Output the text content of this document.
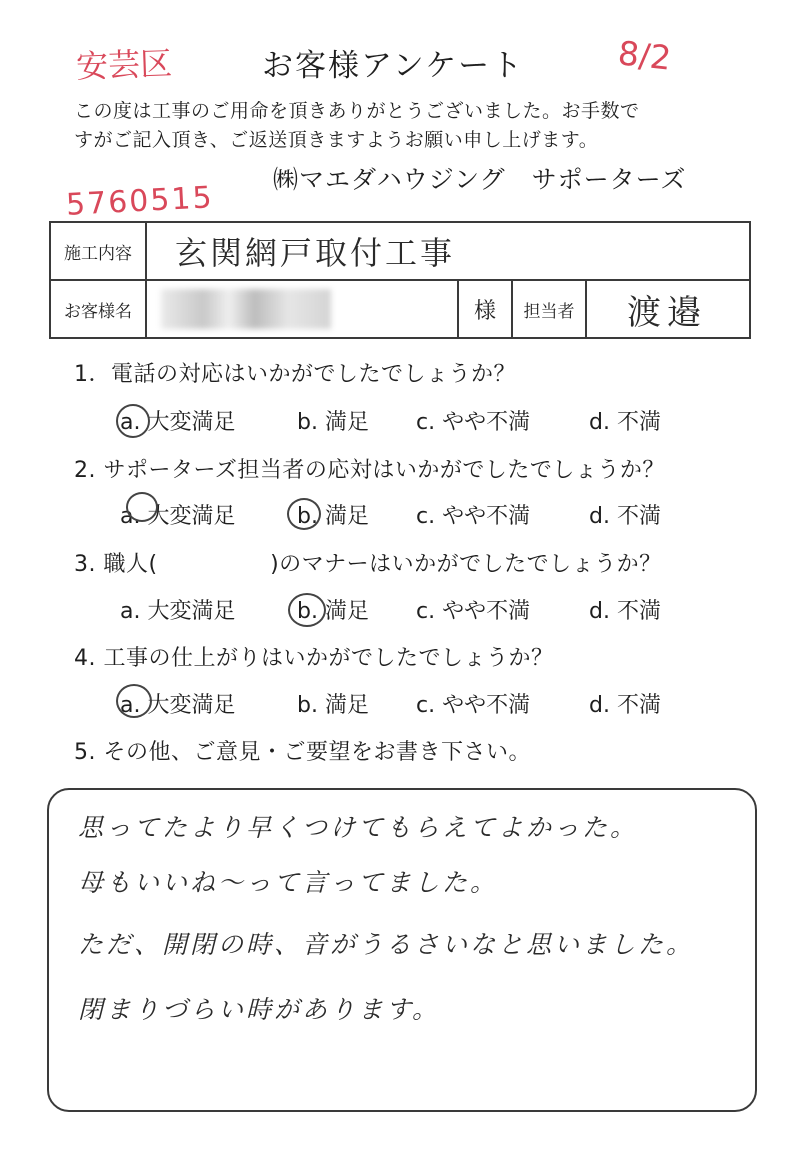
安芸区	8/2
お客様アンケート
この度は工事のご用命を頂きありがとうございました。お手数で
すがご記入頂き、ご返送頂きますようお願い申し上げます。
5760515
㈱マエダハウジング　サポーターズ
施工内容	玄関網戸取付工事			
お客様名		様	担当者	渡邉
1．電話の対応はいかがでしたでしょうか？
a. 大変満足	b. 満足 c. やや不満	d. 不満
2. サポーターズ担当者の応対はいかがでしたでしょうか？
a. 大変満足	b. 満足 c. やや不満	d. 不満
3. 職人(　　　　　)のマナーはいかがでしたでしょうか？
a. 大変満足	b. 満足 c. やや不満	d. 不満
4. 工事の仕上がりはいかがでしたでしょうか？
a. 大変満足	b. 満足 c. やや不満	d. 不満
5. その他、ご意見・ご要望をお書き下さい。
思ってたより早くつけてもらえてよかった。
母もいいね〜って言ってました。
ただ、開閉の時、音がうるさいなと思いました。
閉まりづらい時があります。
